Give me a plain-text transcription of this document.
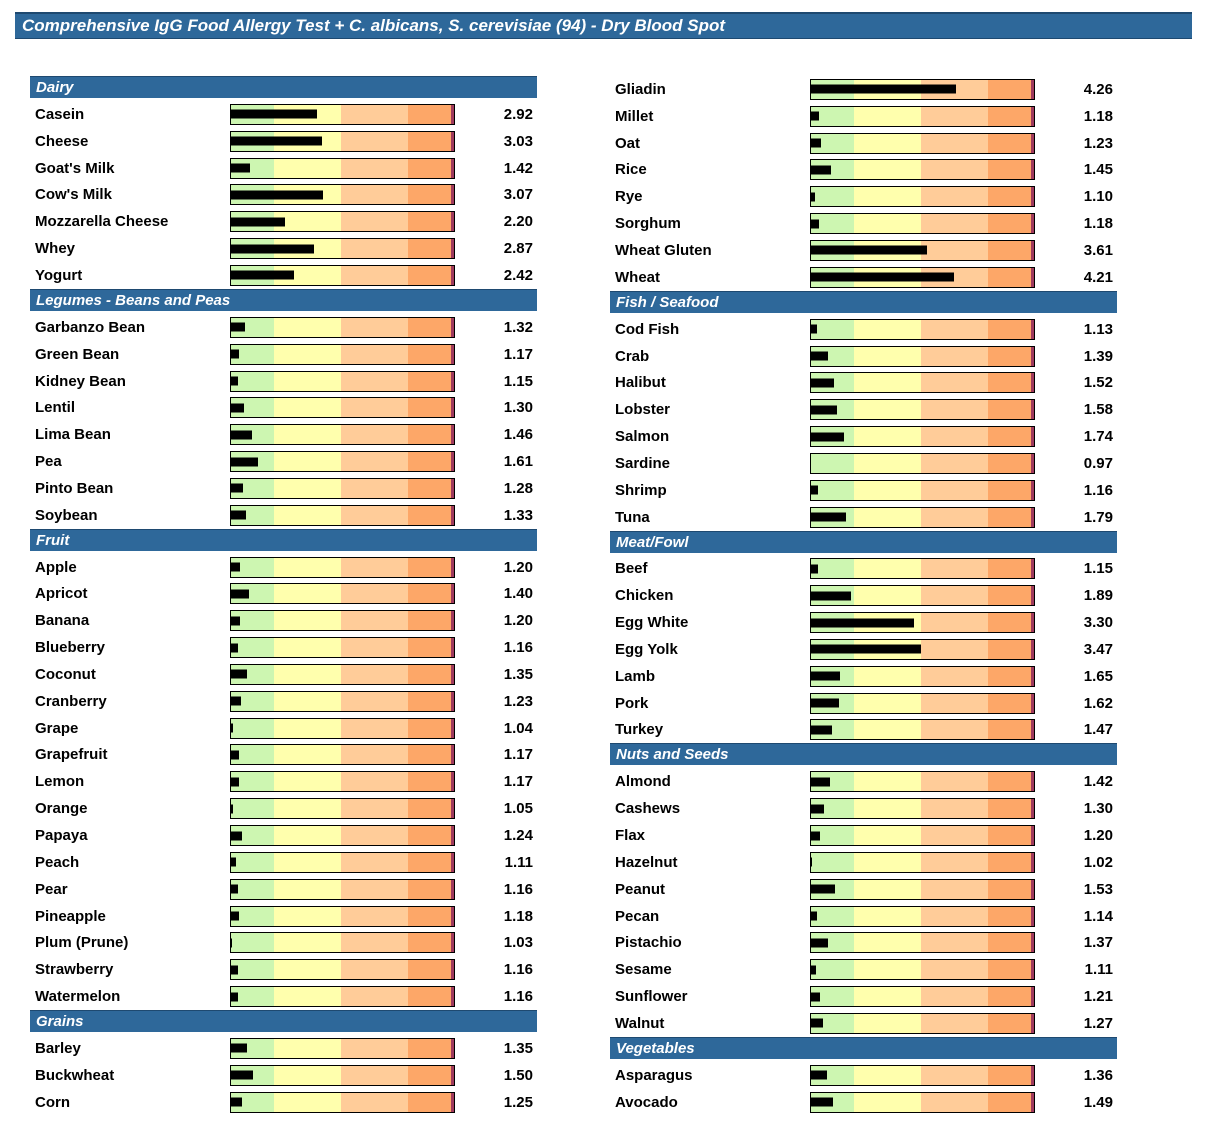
Comprehensive IgG Food Allergy Test + C. albicans, S. cerevisiae (94) - Dry Blood Spot
Dairy
Casein	2.92
Cheese	3.03
Goat's Milk	1.42
Cow's Milk	3.07
Mozzarella Cheese	2.20
Whey	2.87
Yogurt	2.42
Legumes - Beans and Peas
Garbanzo Bean	1.32
Green Bean	1.17
Kidney Bean	1.15
Lentil	1.30
Lima Bean	1.46
Pea	1.61
Pinto Bean	1.28
Soybean	1.33
Fruit
Apple	1.20
Apricot	1.40
Banana	1.20
Blueberry	1.16
Coconut	1.35
Cranberry	1.23
Grape	1.04
Grapefruit	1.17
Lemon	1.17
Orange	1.05
Papaya	1.24
Peach	1.11
Pear	1.16
Pineapple	1.18
Plum (Prune)	1.03
Strawberry	1.16
Watermelon	1.16
Grains
Barley	1.35
Buckwheat	1.50
Corn	1.25
Gliadin	4.26
Millet	1.18
Oat	1.23
Rice	1.45
Rye	1.10
Sorghum	1.18
Wheat Gluten	3.61
Wheat	4.21
Fish / Seafood
Cod Fish	1.13
Crab	1.39
Halibut	1.52
Lobster	1.58
Salmon	1.74
Sardine	0.97
Shrimp	1.16
Tuna	1.79
Meat/Fowl
Beef	1.15
Chicken	1.89
Egg White	3.30
Egg Yolk	3.47
Lamb	1.65
Pork	1.62
Turkey	1.47
Nuts and Seeds
Almond	1.42
Cashews	1.30
Flax	1.20
Hazelnut	1.02
Peanut	1.53
Pecan	1.14
Pistachio	1.37
Sesame	1.11
Sunflower	1.21
Walnut	1.27
Vegetables
Asparagus	1.36
Avocado	1.49
